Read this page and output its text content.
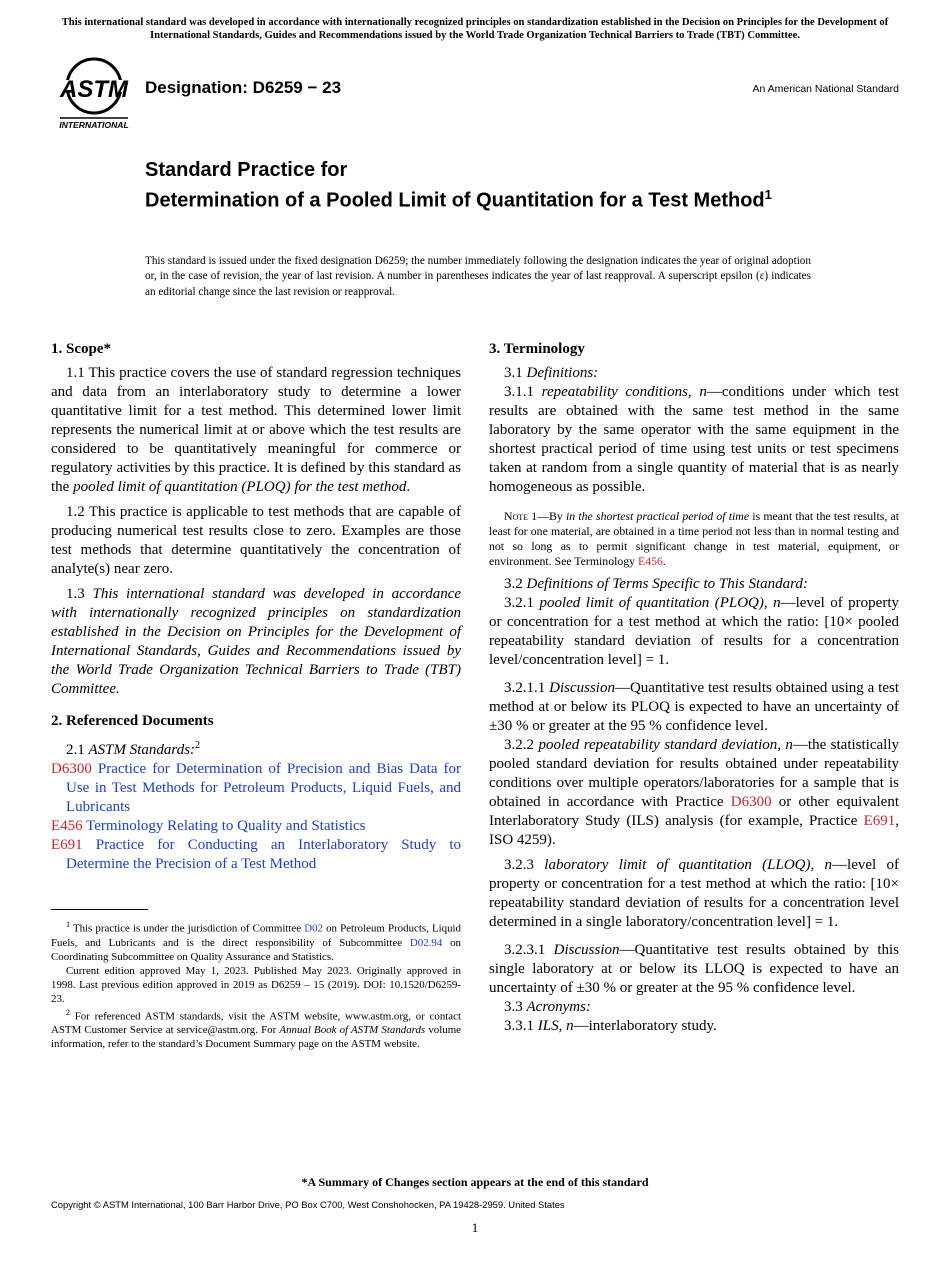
This international standard was developed in accordance with internationally recognized principles on standardization established in the Decision on Principles for the Development of International Standards, Guides and Recommendations issued by the World Trade Organization Technical Barriers to Trade (TBT) Committee.
ASTM
INTERNATIONAL
Designation: D6259 − 23	An American National Standard
Standard Practice for
Determination of a Pooled Limit of Quantitation for a Test Method$^1$
This standard is issued under the fixed designation D6259; the number immediately following the designation indicates the year of original adoption or, in the case of revision, the year of last revision. A number in parentheses indicates the year of last reapproval. A superscript epsilon (ε) indicates an editorial change since the last revision or reapproval.
1. Scope*

1.1 This practice covers the use of standard regression techniques and data from an interlaboratory study to determine a lower quantitative limit for a test method. This determined lower limit represents the numerical limit at or above which the test results are considered to be quantitatively meaningful for commerce or regulatory activities by this practice. It is defined by this standard as the pooled limit of quantitation (PLOQ) for the test method.

1.2 This practice is applicable to test methods that are capable of producing numerical test results close to zero. Examples are those test methods that determine quantitatively the concentration of analyte(s) near zero.

1.3 This international standard was developed in accordance with internationally recognized principles on standardization established in the Decision on Principles for the Development of International Standards, Guides and Recommendations issued by the World Trade Organization Technical Barriers to Trade (TBT) Committee.

2. Referenced Documents

2.1 ASTM Standards:$^2$

D6300 Practice for Determination of Precision and Bias Data for Use in Test Methods for Petroleum Products, Liquid Fuels, and Lubricants

E456 Terminology Relating to Quality and Statistics

E691 Practice for Conducting an Interlaboratory Study to Determine the Precision of a Test Method

$^1$ This practice is under the jurisdiction of Committee D02 on Petroleum Products, Liquid Fuels, and Lubricants and is the direct responsibility of Subcommittee D02.94 on Coordinating Subcommittee on Quality Assurance and Statistics.

Current edition approved May 1, 2023. Published May 2023. Originally approved in 1998. Last previous edition approved in 2019 as D6259 – 15 (2019). DOI: 10.1520/D6259-23.

$^2$ For referenced ASTM standards, visit the ASTM website, www.astm.org, or contact ASTM Customer Service at service@astm.org. For Annual Book of ASTM Standards volume information, refer to the standard’s Document Summary page on the ASTM website.

3. Terminology

3.1 Definitions:

3.1.1 repeatability conditions, n—conditions under which test results are obtained with the same test method in the same laboratory by the same operator with the same equipment in the shortest practical period of time using test units or test specimens taken at random from a single quantity of material that is as nearly homogeneous as possible.

Note 1—By in the shortest practical period of time is meant that the test results, at least for one material, are obtained in a time period not less than in normal testing and not so long as to permit significant change in test material, equipment, or environment. See Terminology E456.

3.2 Definitions of Terms Specific to This Standard:

3.2.1 pooled limit of quantitation (PLOQ), n—level of property or concentration for a test method at which the ratio: [10× pooled repeatability standard deviation of results for a concentration level/concentration level] = 1.

3.2.1.1 Discussion—Quantitative test results obtained using a test method at or below its PLOQ is expected to have an uncertainty of ±30 % or greater at the 95 % confidence level.

3.2.2 pooled repeatability standard deviation, n—the statistically pooled standard deviation for results obtained under repeatability conditions over multiple operators/laboratories for a sample that is obtained in accordance with Practice D6300 or other equivalent Interlaboratory Study (ILS) analysis (for example, Practice E691, ISO 4259).

3.2.3 laboratory limit of quantitation (LLOQ), n—level of property or concentration for a test method at which the ratio: [10× repeatability standard deviation of results for a concentration level determined in a single laboratory/concentration level] = 1.

3.2.3.1 Discussion—Quantitative test results obtained by this single laboratory at or below its LLOQ is expected to have an uncertainty of ±30 % or greater at the 95 % confidence level.

3.3 Acronyms:

3.3.1 ILS, n—interlaboratory study.

*A Summary of Changes section appears at the end of this standard
Copyright © ASTM International, 100 Barr Harbor Drive, PO Box C700, West Conshohocken, PA 19428-2959. United States
1
